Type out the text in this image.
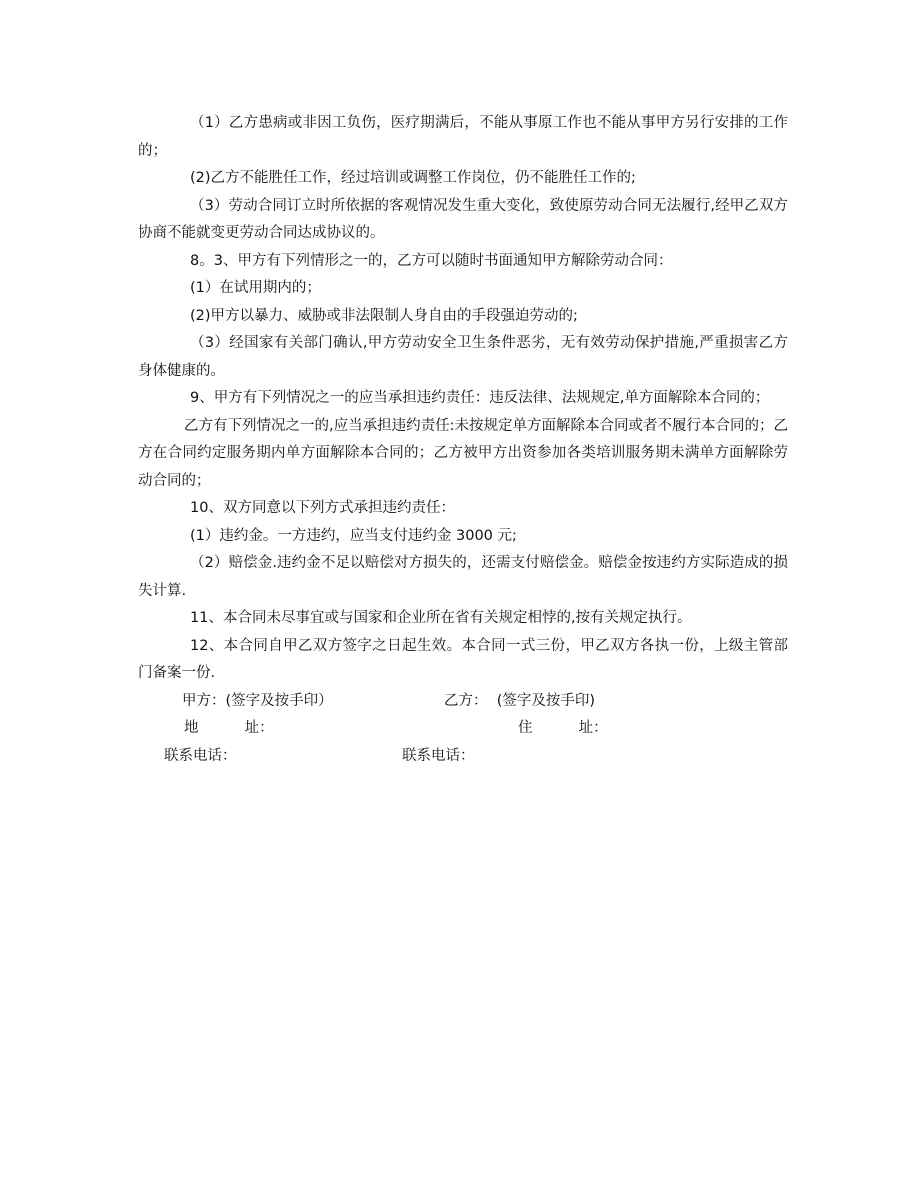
（1）乙方患病或非因工负伤，医疗期满后，不能从事原工作也不能从事甲方另行安排的工作的；

(2)乙方不能胜任工作，经过培训或调整工作岗位，仍不能胜任工作的;

（3）劳动合同订立时所依据的客观情况发生重大变化，致使原劳动合同无法履行,经甲乙双方协商不能就变更劳动合同达成协议的。

8。3、甲方有下列情形之一的，乙方可以随时书面通知甲方解除劳动合同：

(1）在试用期内的；

(2)甲方以暴力、威胁或非法限制人身自由的手段强迫劳动的;

（3）经国家有关部门确认,甲方劳动安全卫生条件恶劣，无有效劳动保护措施,严重损害乙方身体健康的。

9、甲方有下列情况之一的应当承担违约责任：违反法律、法规规定,单方面解除本合同的；

乙方有下列情况之一的,应当承担违约责任:未按规定单方面解除本合同或者不履行本合同的；乙方在合同约定服务期内单方面解除本合同的；乙方被甲方出资参加各类培训服务期未满单方面解除劳动合同的；

10、双方同意以下列方式承担违约责任：

(1）违约金。一方违约，应当支付违约金 3000 元;

（2）赔偿金.违约金不足以赔偿对方损失的，还需支付赔偿金。赔偿金按违约方实际造成的损失计算.

11、本合同未尽事宜或与国家和企业所在省有关规定相悖的,按有关规定执行。

12、本合同自甲乙双方签字之日起生效。本合同一式三份，甲乙双方各执一份，上级主管部门备案一份.

甲方：(签字及按手印）	乙方：  (签字及按手印)
地          址：	住          址：
联系电话：	联系电话：
